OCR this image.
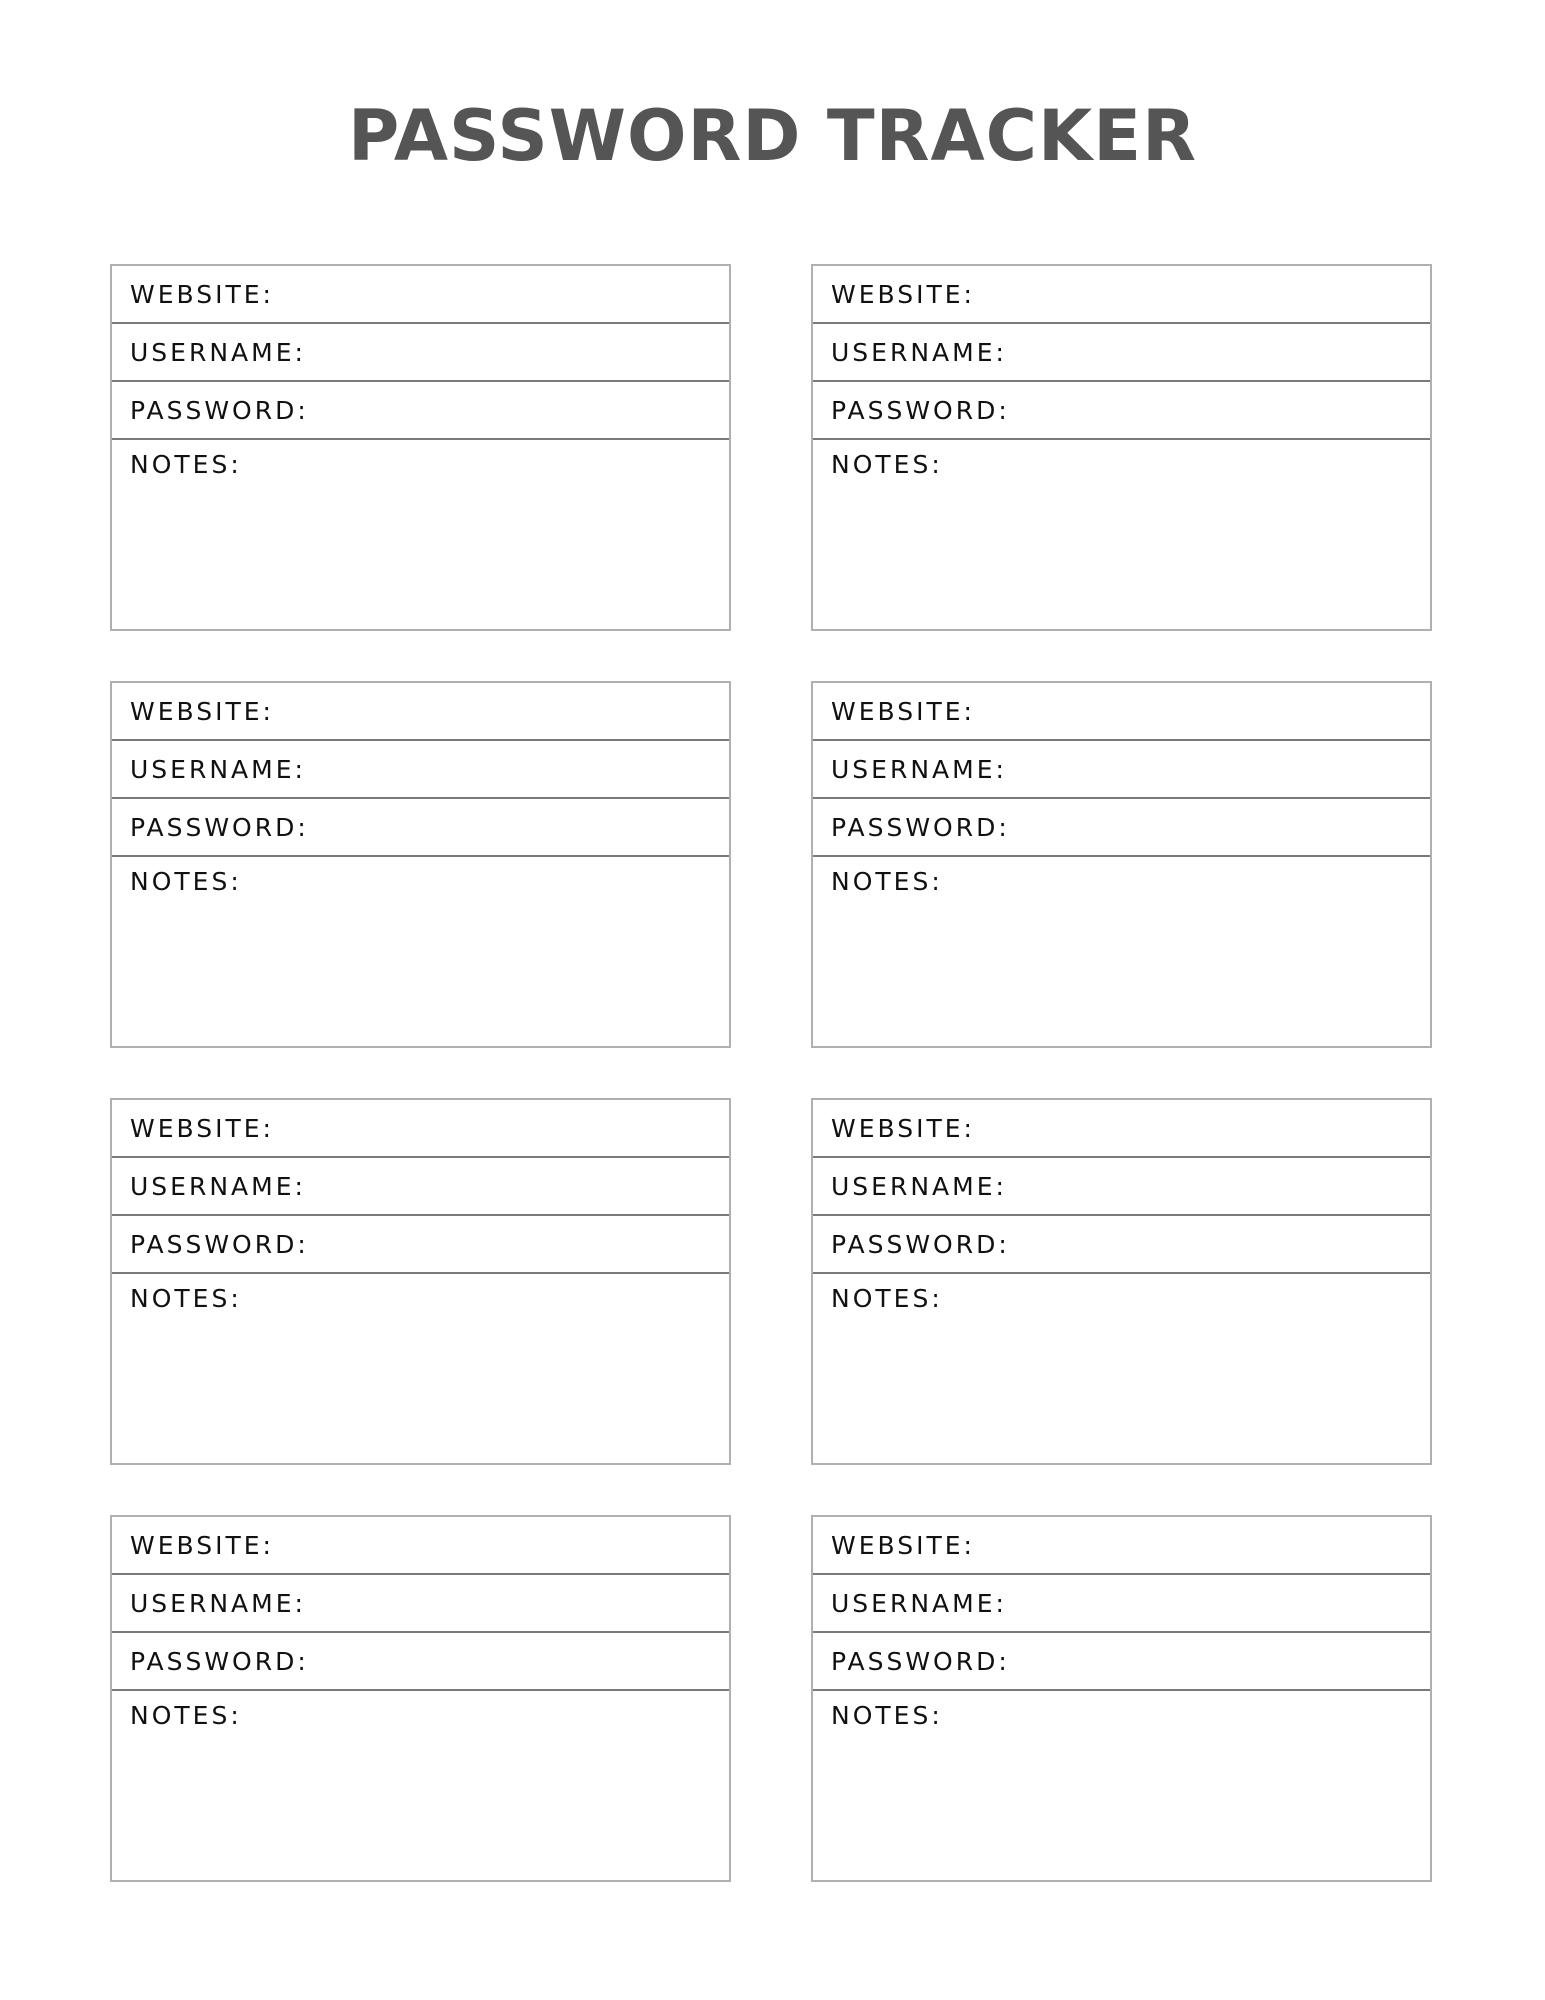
PASSWORD TRACKER
WEBSITE:
USERNAME:
PASSWORD:
NOTES:
WEBSITE:
USERNAME:
PASSWORD:
NOTES:
WEBSITE:
USERNAME:
PASSWORD:
NOTES:
WEBSITE:
USERNAME:
PASSWORD:
NOTES:
WEBSITE:
USERNAME:
PASSWORD:
NOTES:
WEBSITE:
USERNAME:
PASSWORD:
NOTES:
WEBSITE:
USERNAME:
PASSWORD:
NOTES:
WEBSITE:
USERNAME:
PASSWORD:
NOTES:
